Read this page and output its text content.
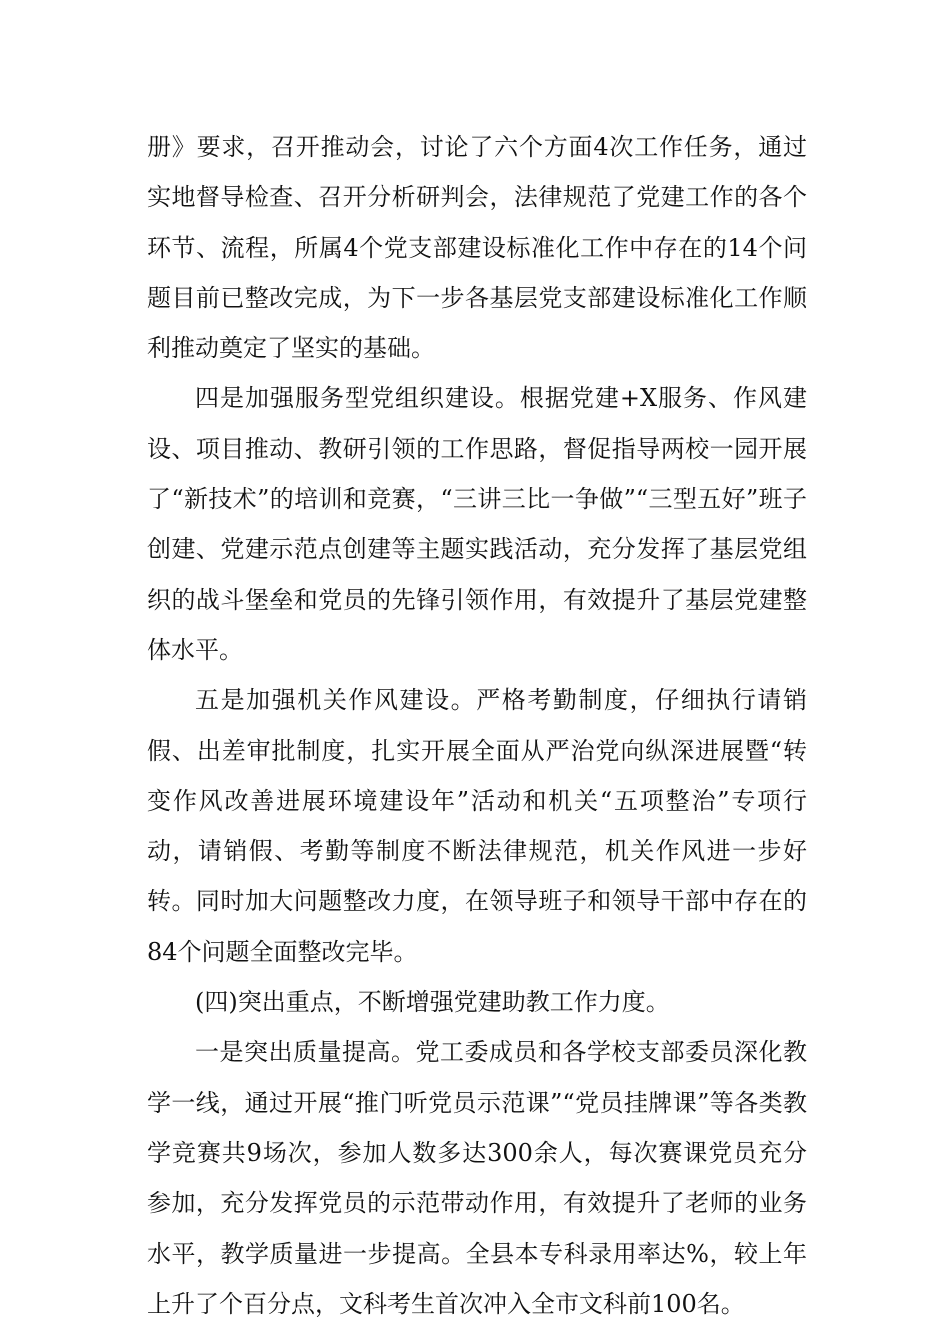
册》要求，召开推动会，讨论了六个方面4次工作任务，通过实地督导检查、召开分析研判会，法律规范了党建工作的各个环节、流程，所属4个党支部建设标准化工作中存在的14个问题目前已整改完成，为下一步各基层党支部建设标准化工作顺利推动奠定了坚实的基础。

四是加强服务型党组织建设。根据党建+X服务、作风建设、项目推动、教研引领的工作思路，督促指导两校一园开展了“新技术”的培训和竞赛，“三讲三比一争做”“三型五好”班子创建、党建示范点创建等主题实践活动，充分发挥了基层党组织的战斗堡垒和党员的先锋引领作用，有效提升了基层党建整体水平。

五是加强机关作风建设。严格考勤制度，仔细执行请销假、出差审批制度，扎实开展全面从严治党向纵深进展暨“转变作风改善进展环境建设年”活动和机关“五项整治”专项行动，请销假、考勤等制度不断法律规范，机关作风进一步好转。同时加大问题整改力度，在领导班子和领导干部中存在的84个问题全面整改完毕。

(四)突出重点，不断增强党建助教工作力度。

一是突出质量提高。党工委成员和各学校支部委员深化教学一线，通过开展“推门听党员示范课”“党员挂牌课”等各类教学竞赛共9场次，参加人数多达300余人，每次赛课党员充分参加，充分发挥党员的示范带动作用，有效提升了老师的业务水平，教学质量进一步提高。全县本专科录用率达%，较上年上升了个百分点，文科考生首次冲入全市文科前100名。
